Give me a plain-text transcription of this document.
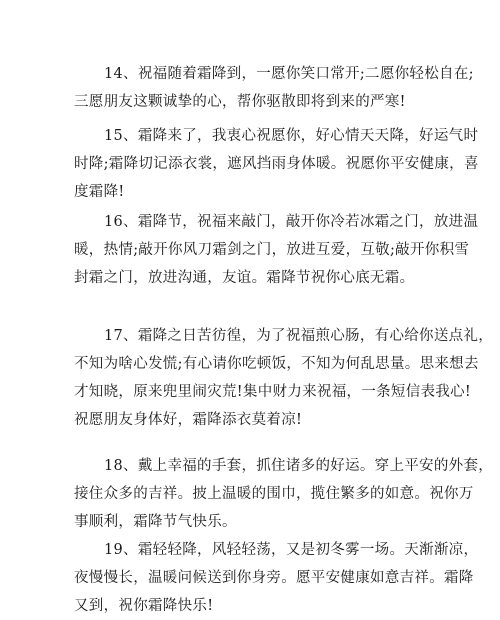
14、祝福随着霜降到，一愿你笑口常开;二愿你轻松自在;
三愿朋友这颗诚挚的心，帮你驱散即将到来的严寒!

15、霜降来了，我衷心祝愿你，好心情天天降，好运气时
时降;霜降切记添衣裳，遮风挡雨身体暖。祝愿你平安健康，喜
度霜降!

16、霜降节，祝福来敲门，敲开你冷若冰霜之门，放进温
暖，热情;敲开你风刀霜剑之门，放进互爱，互敬;敲开你积雪
封霜之门，放进沟通，友谊。霜降节祝你心底无霜。

17、霜降之日苦彷徨，为了祝福煎心肠，有心给你送点礼，
不知为啥心发慌;有心请你吃顿饭，不知为何乱思量。思来想去
才知晓，原来兜里闹灾荒!集中财力来祝福，一条短信表我心!
祝愿朋友身体好，霜降添衣莫着凉!

18、戴上幸福的手套，抓住诸多的好运。穿上平安的外套，
接住众多的吉祥。披上温暖的围巾，揽住繁多的如意。祝你万
事顺利，霜降节气快乐。

19、霜轻轻降，风轻轻荡，又是初冬雾一场。天渐渐凉，
夜慢慢长，温暖问候送到你身旁。愿平安健康如意吉祥。霜降
又到，祝你霜降快乐!
